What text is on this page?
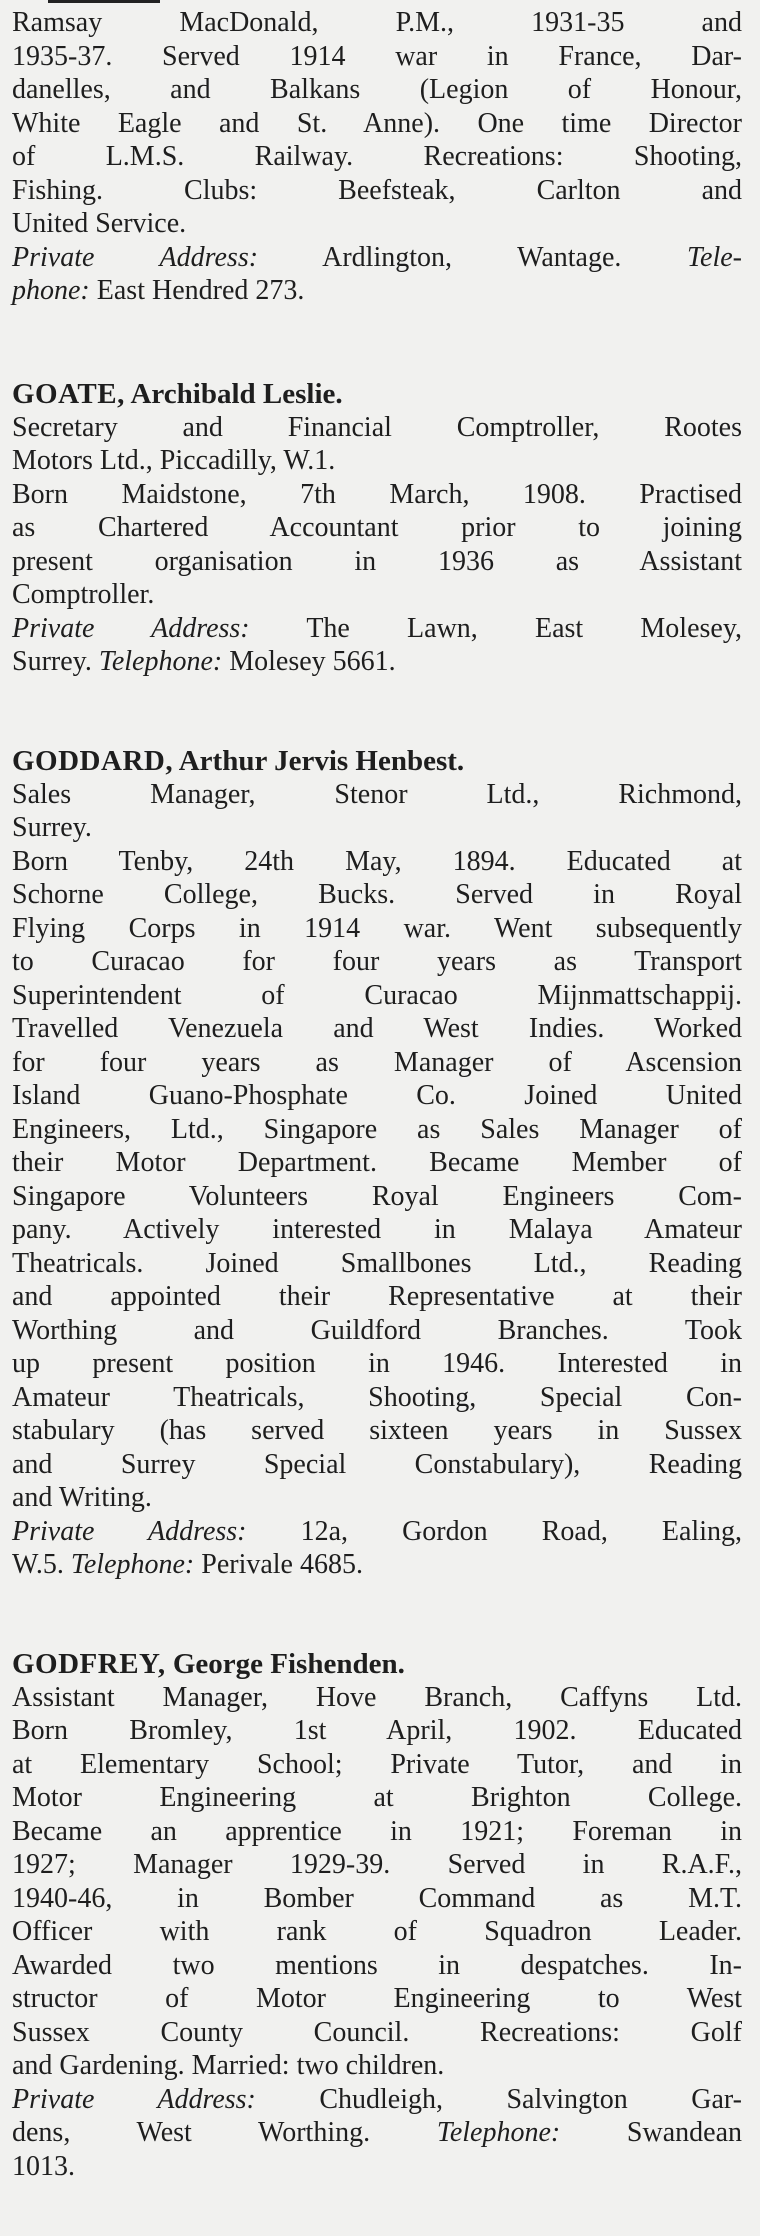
Ramsay MacDonald, P.M., 1931-35 and
1935-37. Served 1914 war in France, Dar-
danelles, and Balkans (Legion of Honour,
White Eagle and St. Anne). One time Director
of L.M.S. Railway. Recreations: Shooting,
Fishing. Clubs: Beefsteak, Carlton and
United Service.
Private Address: Ardlington, Wantage. Tele-
phone: East Hendred 273.
GOATE, Archibald Leslie.
Secretary and Financial Comptroller, Rootes
Motors Ltd., Piccadilly, W.1.
Born Maidstone, 7th March, 1908. Practised
as Chartered Accountant prior to joining
present organisation in 1936 as Assistant
Comptroller.
Private Address: The Lawn, East Molesey,
Surrey. Telephone: Molesey 5661.
GODDARD, Arthur Jervis Henbest.
Sales Manager, Stenor Ltd., Richmond,
Surrey.
Born Tenby, 24th May, 1894. Educated at
Schorne College, Bucks. Served in Royal
Flying Corps in 1914 war. Went subsequently
to Curacao for four years as Transport
Superintendent of Curacao Mijnmattschappij.
Travelled Venezuela and West Indies. Worked
for four years as Manager of Ascension
Island Guano-Phosphate Co. Joined United
Engineers, Ltd., Singapore as Sales Manager of
their Motor Department. Became Member of
Singapore Volunteers Royal Engineers Com-
pany. Actively interested in Malaya Amateur
Theatricals. Joined Smallbones Ltd., Reading
and appointed their Representative at their
Worthing and Guildford Branches. Took
up present position in 1946. Interested in
Amateur Theatricals, Shooting, Special Con-
stabulary (has served sixteen years in Sussex
and Surrey Special Constabulary), Reading
and Writing.
Private Address: 12a, Gordon Road, Ealing,
W.5. Telephone: Perivale 4685.
GODFREY, George Fishenden.
Assistant Manager, Hove Branch, Caffyns Ltd.
Born Bromley, 1st April, 1902. Educated
at Elementary School; Private Tutor, and in
Motor Engineering at Brighton College.
Became an apprentice in 1921; Foreman in
1927; Manager 1929-39. Served in R.A.F.,
1940-46, in Bomber Command as M.T.
Officer with rank of Squadron Leader.
Awarded two mentions in despatches. In-
structor of Motor Engineering to West
Sussex County Council. Recreations: Golf
and Gardening. Married: two children.
Private Address: Chudleigh, Salvington Gar-
dens, West Worthing. Telephone: Swandean
1013.
